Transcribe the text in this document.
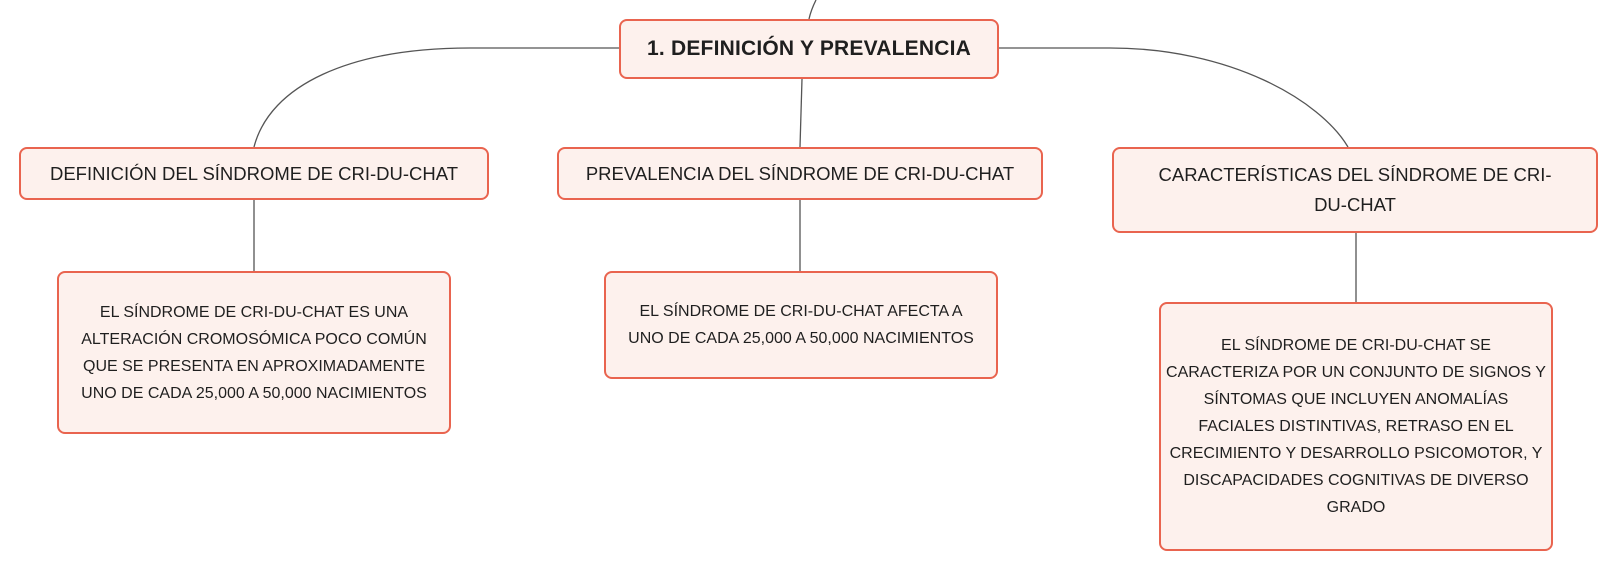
1. DEFINICIÓN Y PREVALENCIA
DEFINICIÓN DEL SÍNDROME DE CRI-DU-CHAT	PREVALENCIA DEL SÍNDROME DE CRI-DU-CHAT	CARACTERÍSTICAS DEL SÍNDROME DE CRI-DU-CHAT
EL SÍNDROME DE CRI-DU-CHAT ES UNA ALTERACIÓN CROMOSÓMICA POCO COMÚN QUE SE PRESENTA EN APROXIMADAMENTE UNO DE CADA 25,000 A 50,000 NACIMIENTOS
EL SÍNDROME DE CRI-DU-CHAT AFECTA A UNO DE CADA 25,000 A 50,000 NACIMIENTOS	EL SÍNDROME DE CRI-DU-CHAT SE CARACTERIZA POR UN CONJUNTO DE SIGNOS Y SÍNTOMAS QUE INCLUYEN ANOMALÍAS FACIALES DISTINTIVAS, RETRASO EN EL CRECIMIENTO Y DESARROLLO PSICOMOTOR, Y DISCAPACIDADES COGNITIVAS DE DIVERSO GRADO
